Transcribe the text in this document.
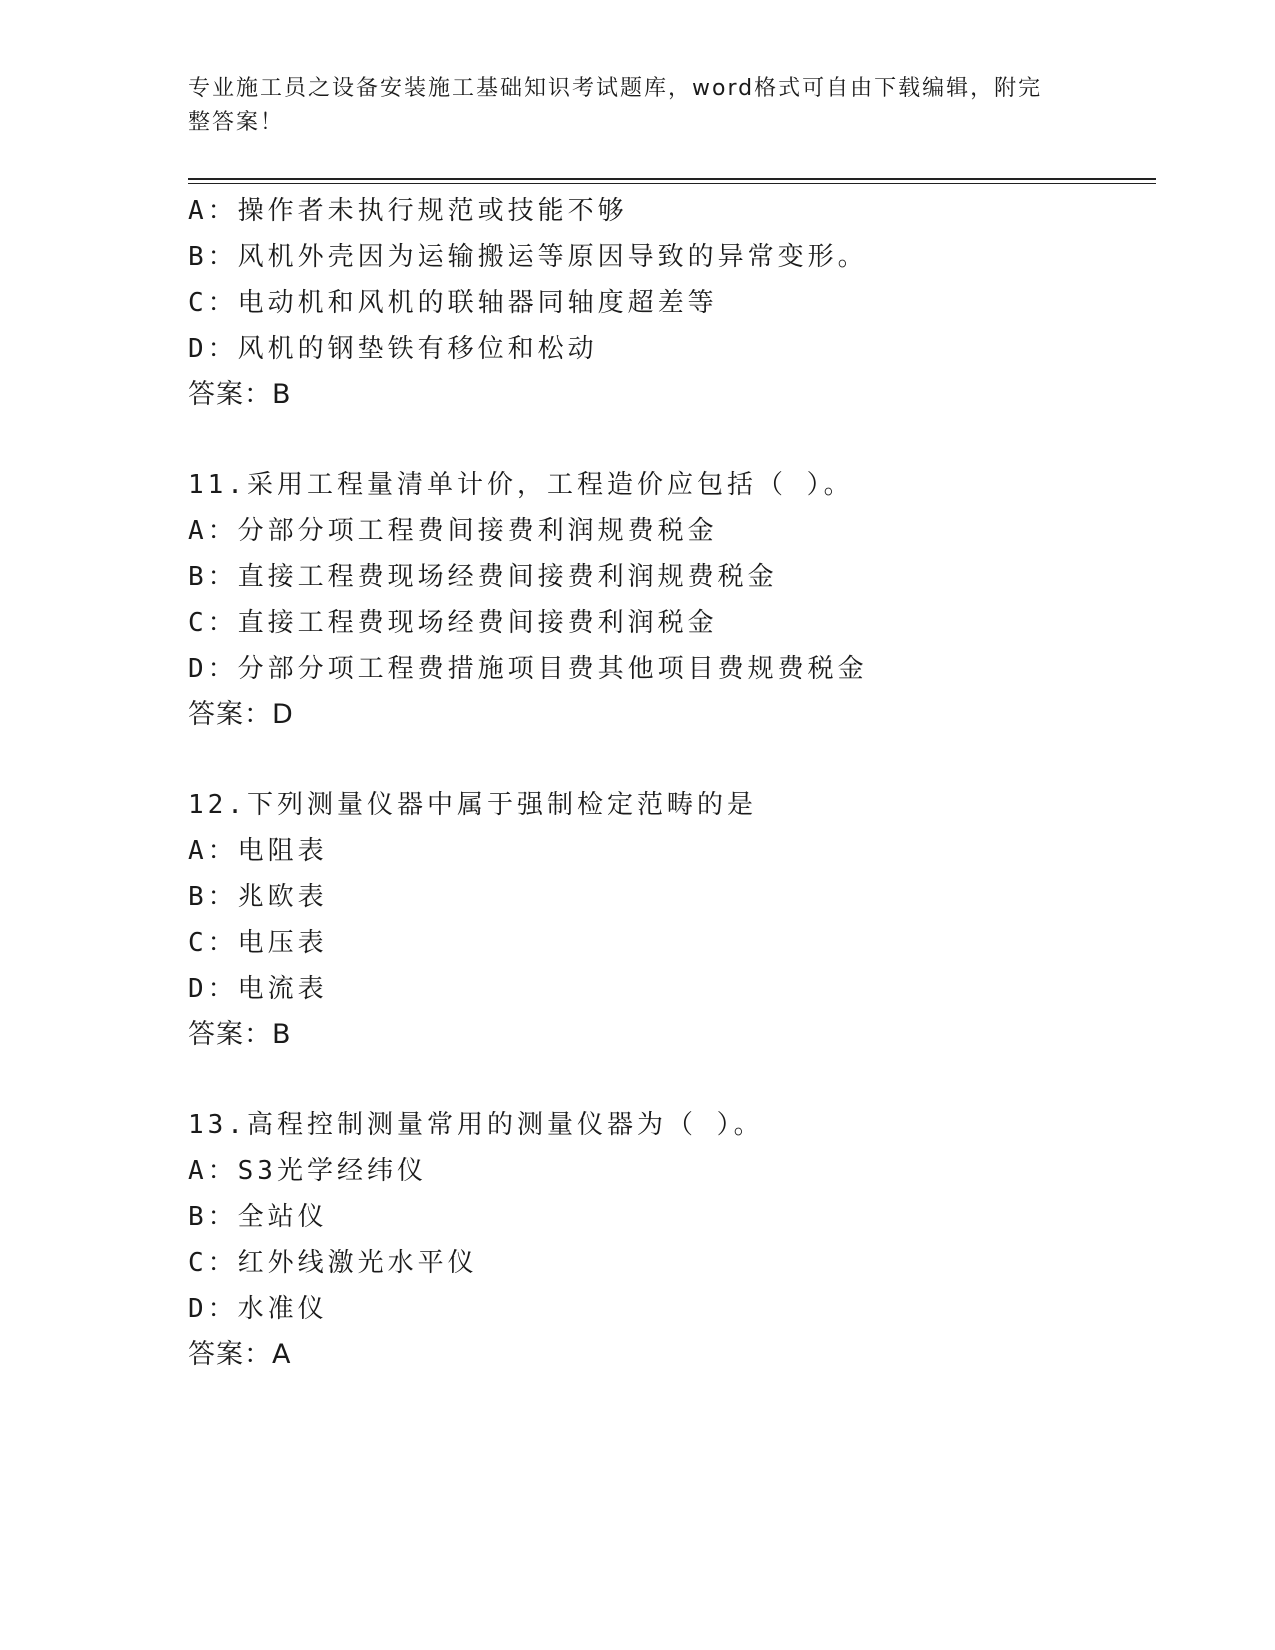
专业施工员之设备安装施工基础知识考试题库，word格式可自由下载编辑，附完
整答案！
A：操作者未执行规范或技能不够
B：风机外壳因为运输搬运等原因导致的异常变形。
C：电动机和风机的联轴器同轴度超差等
D：风机的钢垫铁有移位和松动
答案：B
11.采用工程量清单计价，工程造价应包括（ ）。
A：分部分项工程费间接费利润规费税金
B：直接工程费现场经费间接费利润规费税金
C：直接工程费现场经费间接费利润税金
D：分部分项工程费措施项目费其他项目费规费税金
答案：D
12.下列测量仪器中属于强制检定范畴的是
A：电阻表
B：兆欧表
C：电压表
D：电流表
答案：B
13.高程控制测量常用的测量仪器为（ ）。
A：S3光学经纬仪
B：全站仪
C：红外线激光水平仪
D：水准仪
答案：A
